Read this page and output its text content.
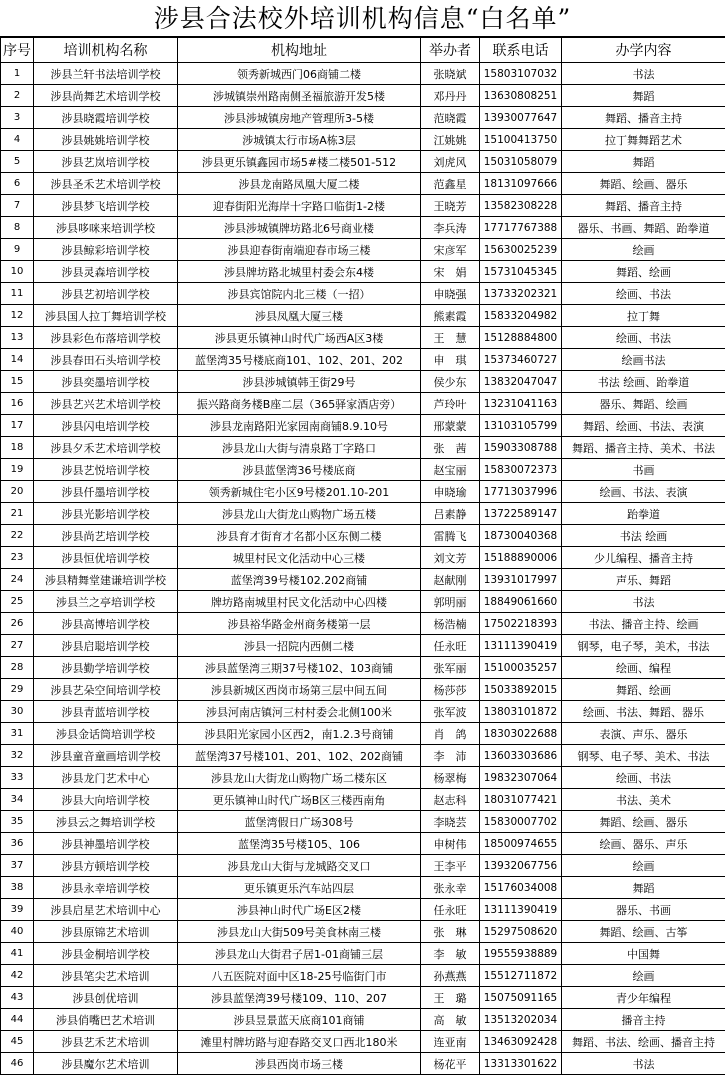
涉县合法校外培训机构信息“白名单”
序号	培训机构名称	机构地址	举办者	联系电话	办学内容
1	涉县兰轩书法培训学校	领秀新城西门06商铺二楼	张晓斌	15803107032	书法
2	涉县尚舞艺术培训学校	涉城镇崇州路南侧圣福旅游开发5楼	邓丹丹	13630808251	舞蹈
3	涉县晓霞培训学校	涉县涉城镇房地产管理所3-5楼	范晓霞	13930077647	舞蹈、播音主持
4	涉县姚姚培训学校	涉城镇太行市场A栋3层	江姚姚	15100413750	拉丁舞舞蹈艺术
5	涉县艺岚培训学校	涉县更乐镇鑫园市场5#楼二楼501-512	刘虎风	15031058079	舞蹈
6	涉县圣禾艺术培训学校	涉县龙南路凤凰大厦二楼	范鑫星	18131097666	舞蹈、绘画、器乐
7	涉县梦飞培训学校	迎春街阳光海岸十字路口临街1-2楼	王晓芳	13582308228	舞蹈、播音主持
8	涉县哆咪来培训学校	涉县涉城镇牌坊路北6号商业楼	李兵涛	17717767388	器乐、书画、舞蹈、跆拳道
9	涉县鲸彩培训学校	涉县迎春街南端迎春市场三楼	宋彦军	15630025239	绘画
10	涉县灵森培训学校	涉县牌坊路北城里村委会东4楼	宋　娟	15731045345	舞蹈、绘画
11	涉县艺初培训学校	涉县宾馆院内北三楼（一招）	申晓强	13733202321	绘画、书法
12	涉县国人拉丁舞培训学校	涉县凤凰大厦三楼	熊素霞	15833204982	拉丁舞
13	涉县彩色布落培训学校	涉县更乐镇神山时代广场西A区3楼	王　慧	15128884800	绘画、书法
14	涉县春田石头培训学校	蓝堡湾35号楼底商101、102、201、202	申　琪	15373460727	绘画书法
15	涉县奕墨培训学校	涉县涉城镇韩王街29号	侯少东	13832047047	书法 绘画、跆拳道
16	涉县艺兴艺术培训学校	振兴路商务楼B座二层（365驿家酒店旁）	芦玲叶	13231041163	器乐、舞蹈、绘画
17	涉县闪电培训学校	涉县龙南路阳光家园南商铺8.9.10号	邢蒙蒙	13103105799	舞蹈、绘画、书法、表演
18	涉县夕禾艺术培训学校	涉县龙山大街与清泉路丁字路口	张　茜	15903308788	舞蹈、播音主持、美术、书法
19	涉县艺悦培训学校	涉县蓝堡湾36号楼底商	赵宝丽	15830072373	书画
20	涉县仟墨培训学校	领秀新城住宅小区9号楼201.10-201	申晓瑜	17713037996	绘画、书法、表演
21	涉县光影培训学校	涉县龙山大街龙山购物广场五楼	吕素静	13722589147	跆拳道
22	涉县尚艺培训学校	涉县育才街育才名都小区东侧二楼	雷腾飞	18730040368	书法 绘画
23	涉县恒优培训学校	城里村民文化活动中心三楼	刘文芳	15188890006	少儿编程、播音主持
24	涉县精舞堂建谦培训学校	蓝堡湾39号楼102.202商铺	赵献刚	13931017997	声乐、舞蹈
25	涉县兰之亭培训学校	牌坊路南城里村民文化活动中心四楼	郭明丽	18849061660	书法
26	涉县高博培训学校	涉县裕华路金州商务楼第一层	杨浩楠	17502218393	书法、播音主持、绘画
27	涉县启聪培训学校	涉县一招院内西侧二楼	任永旺	13111390419	钢琴，电子琴，美术，书法
28	涉县勤学培训学校	涉县蓝堡湾三期37号楼102、103商铺	张军丽	15100035257	绘画、编程
29	涉县艺朵空间培训学校	涉县新城区西岗市场第三层中间五间	杨莎莎	15033892015	舞蹈、绘画
30	涉县青蓝培训学校	涉县河南店镇河三村村委会北侧100米	张军波	13803101872	绘画、书法、舞蹈、器乐
31	涉县金话筒培训学校	涉县阳光家园小区西2，南1.2.3号商铺	肖　鸽	18303022688	表演、声乐、器乐
32	涉县童音童画培训学校	蓝堡湾37号楼101、201、102、202商铺	李　沛	13603303686	钢琴、电子琴、美术、书法
33	涉县龙门艺术中心	涉县龙山大街龙山购物广场二楼东区	杨翠梅	19832307064	绘画、书法
34	涉县大向培训学校	更乐镇神山时代广场B区三楼西南角	赵志科	18031077421	书法、美术
35	涉县云之舞培训学校	蓝堡湾假日广场308号	李晓芸	15830007702	舞蹈、绘画、器乐
36	涉县神墨培训学校	蓝堡湾35号楼105、106	申树伟	18500974655	绘画、器乐、声乐
37	涉县方顿培训学校	涉县龙山大街与龙城路交叉口	王李平	13932067756	绘画
38	涉县永幸培训学校	更乐镇更乐汽车站四层	张永幸	15176034008	舞蹈
39	涉县启星艺术培训中心	涉县神山时代广场E区2楼	任永旺	13111390419	器乐、书画
40	涉县原锦艺术培训	涉县龙山大街509号美食林南三楼	张　琳	15297508620	舞蹈、绘画、古筝
41	涉县金桐培训学校	涉县龙山大街君子居1-01商铺三层	李　敏	19555938889	中国舞
42	涉县笔尖艺术培训	八五医院对面中区18-25号临街门市	孙燕燕	15512711872	绘画
43	涉县创优培训	涉县蓝堡湾39号楼109、110、207	王　璐	15075091165	青少年编程
44	涉县俏嘴巴艺术培训	涉县昱景蓝天底商101商铺	高　敏	13513202034	播音主持
45	涉县艺禾艺术培训	滩里村牌坊路与迎春路交叉口西北180米	连亚南	13463092428	舞蹈、书法、绘画、播音主持
46	涉县魔尔艺术培训	涉县西岗市场三楼	杨花平	13313301622	书法
